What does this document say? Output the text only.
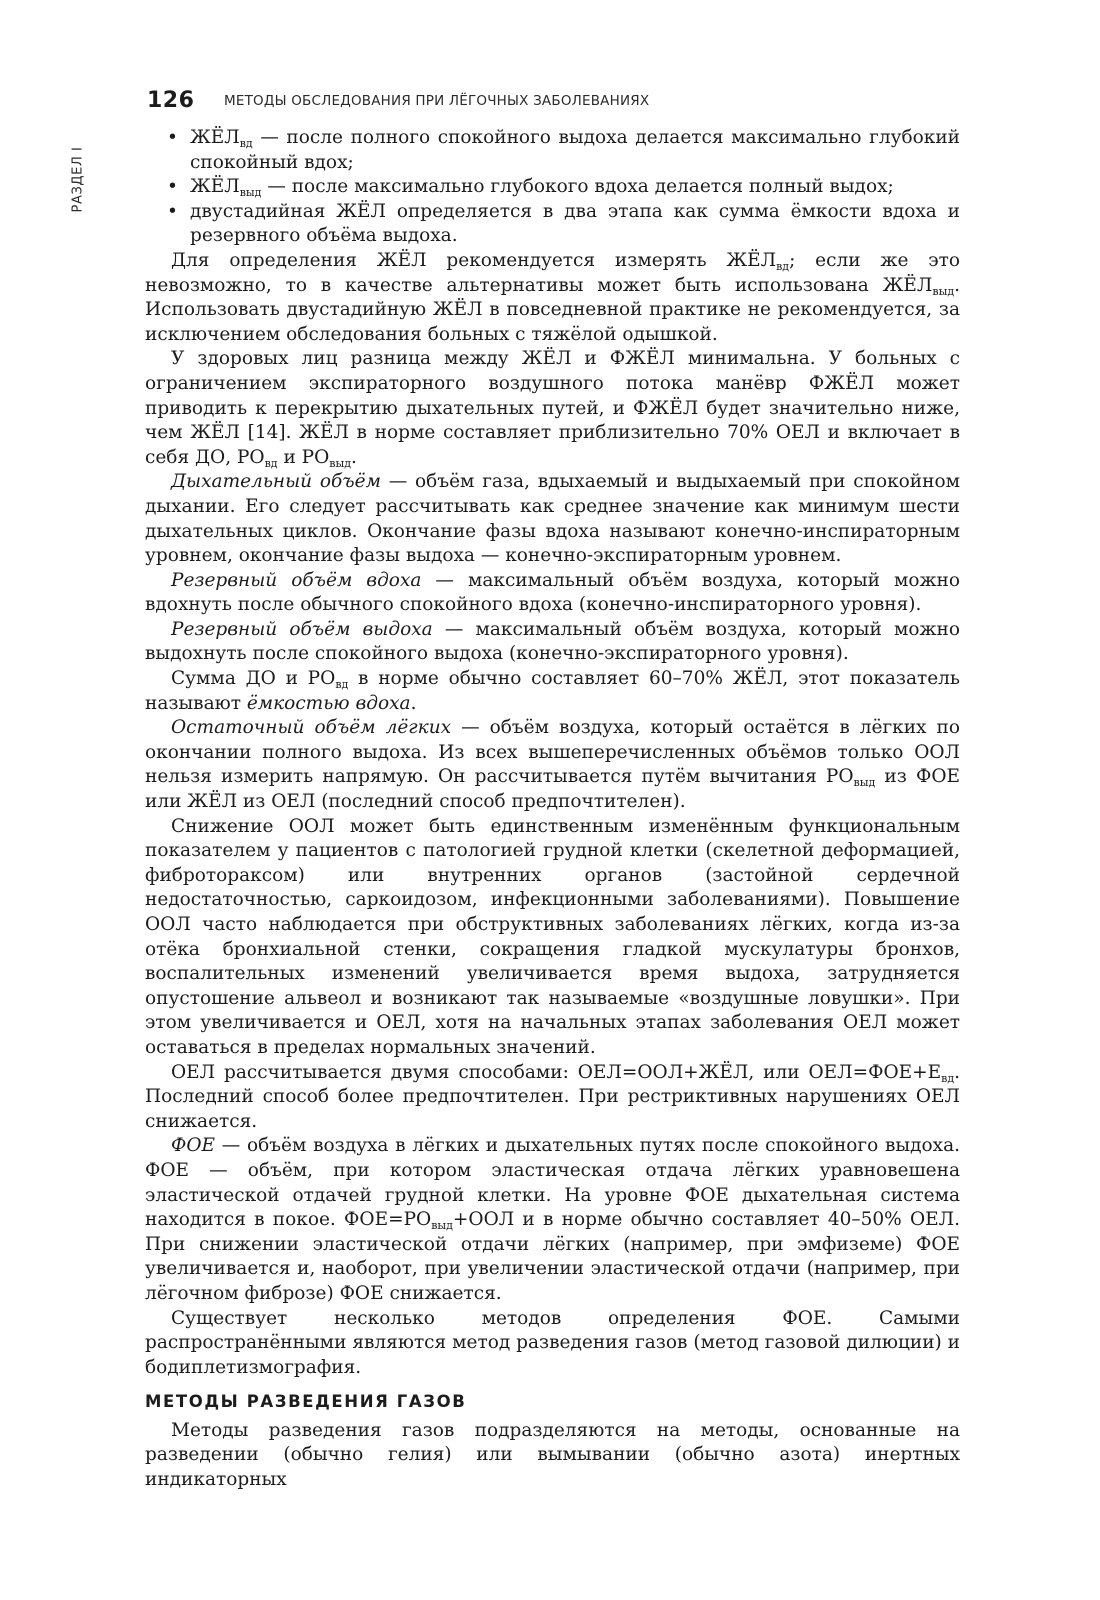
126 МЕТОДЫ ОБСЛЕДОВАНИЯ ПРИ ЛЁГОЧНЫХ ЗАБОЛЕВАНИЯХ
РАЗДЕЛ I
• $ЖЁЛ_{вд}$ — после полного спокойного выдоха делается максимально глубокий спокойный вдох;
• $ЖЁЛ_{выд}$ — после максимально глубокого вдоха делается полный выдох;
• двустадийная ЖЁЛ определяется в два этапа как сумма ёмкости вдоха и резервного объёма выдоха.

Для определения ЖЁЛ рекомендуется измерять $ЖЁЛ_{вд}$; если же это невозможно, то в качестве альтернативы может быть использована $ЖЁЛ_{выд}$. Использовать двустадийную ЖЁЛ в повседневной практике не рекомендуется, за исключением обследования больных с тяжёлой одышкой.

У здоровых лиц разница между ЖЁЛ и ФЖЁЛ минимальна. У больных с ограничением экспираторного воздушного потока манёвр ФЖЁЛ может приводить к перекрытию дыхательных путей, и ФЖЁЛ будет значительно ниже, чем ЖЁЛ [14]. ЖЁЛ в норме составляет приблизительно 70% ОЕЛ и включает в себя ДО, $РО_{вд}$ и $РО_{выд}$.

Дыхательный объём — объём газа, вдыхаемый и выдыхаемый при спокойном дыхании. Его следует рассчитывать как среднее значение как минимум шести дыхательных циклов. Окончание фазы вдоха называют конечно-инспираторным уровнем, окончание фазы выдоха — конечно-экспираторным уровнем.

Резервный объём вдоха — максимальный объём воздуха, который можно вдохнуть после обычного спокойного вдоха (конечно-инспираторного уровня).

Резервный объём выдоха — максимальный объём воздуха, который можно выдохнуть после спокойного выдоха (конечно-экспираторного уровня).

Сумма ДО и $РО_{вд}$ в норме обычно составляет 60–70% ЖЁЛ, этот показатель называют ёмкостью вдоха.

Остаточный объём лёгких — объём воздуха, который остаётся в лёгких по окончании полного выдоха. Из всех вышеперечисленных объёмов только ООЛ нельзя измерить напрямую. Он рассчитывается путём вычитания $РО_{выд}$ из ФОЕ или ЖЁЛ из ОЕЛ (последний способ предпочтителен).

Снижение ООЛ может быть единственным изменённым функциональным показателем у пациентов с патологией грудной клетки (скелетной деформацией, фибротораксом) или внутренних органов (застойной сердечной недостаточностью, саркоидозом, инфекционными заболеваниями). Повышение ООЛ часто наблюдается при обструктивных заболеваниях лёгких, когда из-за отёка бронхиальной стенки, сокращения гладкой мускулатуры бронхов, воспалительных изменений увеличивается время выдоха, затрудняется опустошение альвеол и возникают так называемые «воздушные ловушки». При этом увеличивается и ОЕЛ, хотя на начальных этапах заболевания ОЕЛ может оставаться в пределах нормальных значений.

ОЕЛ рассчитывается двумя способами: ОЕЛ=ООЛ+ЖЁЛ, или $ОЕЛ=ФОЕ+Е_{вд}$. Последний способ более предпочтителен. При рестриктивных нарушениях ОЕЛ снижается.

ФОЕ — объём воздуха в лёгких и дыхательных путях после спокойного выдоха. ФОЕ — объём, при котором эластическая отдача лёгких уравновешена эластической отдачей грудной клетки. На уровне ФОЕ дыхательная система находится в покое. $ФОЕ=РО_{выд}+ООЛ$ и в норме обычно составляет 40–50% ОЕЛ. При снижении эластической отдачи лёгких (например, при эмфиземе) ФОЕ увеличивается и, наоборот, при увеличении эластической отдачи (например, при лёгочном фиброзе) ФОЕ снижается.

Существует несколько методов определения ФОЕ. Самыми распространёнными являются метод разведения газов (метод газовой дилюции) и бодиплетизмография.

МЕТОДЫ РАЗВЕДЕНИЯ ГАЗОВ

Методы разведения газов подразделяются на методы, основанные на разведении (обычно гелия) или вымывании (обычно азота) инертных индикаторных
